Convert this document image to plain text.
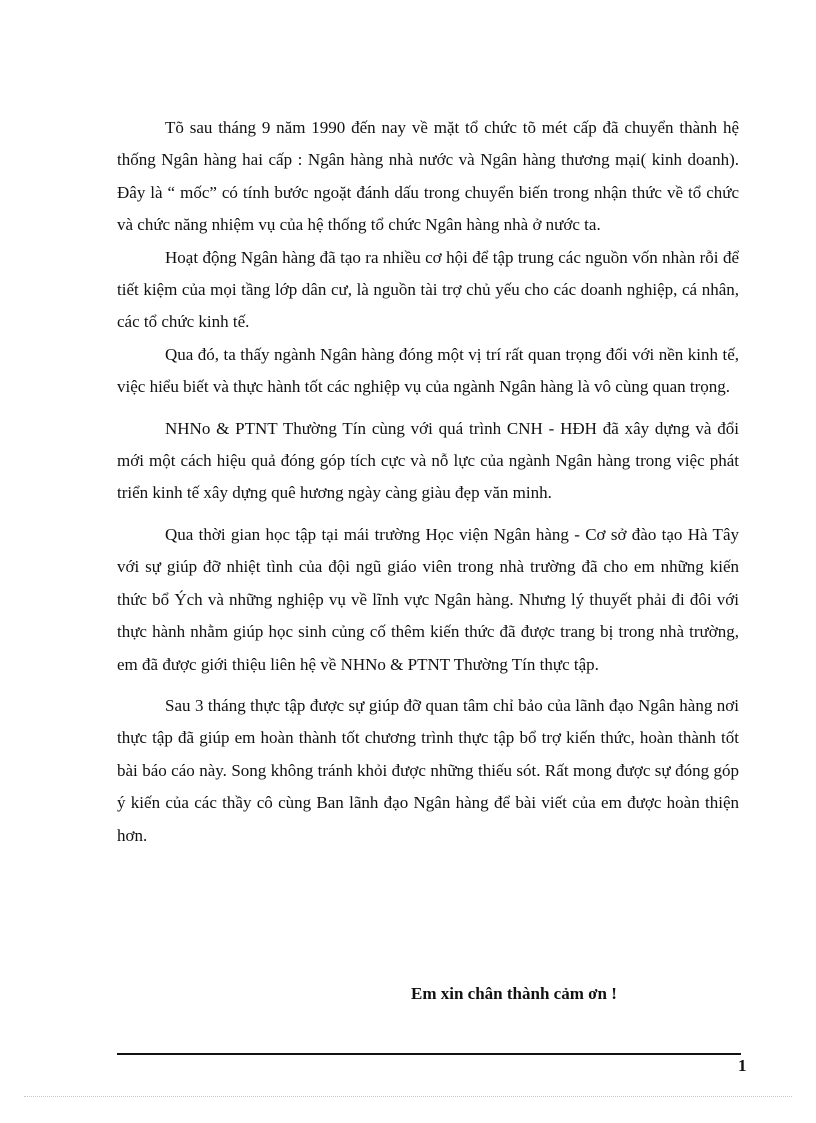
Tõ sau tháng 9 năm 1990 đến nay về mặt tổ chức tõ mét cấp đã chuyển thành hệ thống Ngân hàng hai cấp : Ngân hàng nhà nước và Ngân hàng thương mại( kinh doanh). Đây là “ mốc” có tính bước ngoặt đánh dấu trong chuyển biến trong nhận thức về tổ chức và chức năng nhiệm vụ của hệ thống tổ chức Ngân hàng nhà ở nước ta.

Hoạt động Ngân hàng đã tạo ra nhiều cơ hội để tập trung các nguồn vốn nhàn rỗi để tiết kiệm của mọi tầng lớp dân cư, là nguồn tài trợ chủ yếu cho các doanh nghiệp, cá nhân, các tổ chức kinh tế.

Qua đó, ta thấy ngành Ngân hàng đóng một vị trí rất quan trọng đối với nền kinh tế, việc hiểu biết và thực hành tốt các nghiệp vụ của ngành Ngân hàng là vô cùng quan trọng.

NHNo & PTNT Thường Tín cùng với quá trình CNH - HĐH đã xây dựng và đổi mới một cách hiệu quả đóng góp tích cực và nỗ lực của ngành Ngân hàng trong việc phát triển kinh tế xây dựng quê hương ngày càng giàu đẹp văn minh.

Qua thời gian học tập tại mái trường Học viện Ngân hàng - Cơ sở đào tạo Hà Tây với sự giúp đỡ nhiệt tình của đội ngũ giáo viên trong nhà trường đã cho em những kiến thức bổ Ých và những nghiệp vụ về lĩnh vực Ngân hàng. Nhưng lý thuyết phải đi đôi với thực hành nhằm giúp học sinh củng cố thêm kiến thức đã được trang bị trong nhà trường, em đã được giới thiệu liên hệ về NHNo & PTNT Thường Tín thực tập.

Sau 3 tháng thực tập được sự giúp đỡ quan tâm chỉ bảo của lãnh đạo Ngân hàng nơi thực tập đã giúp em hoàn thành tốt chương trình thực tập bổ trợ kiến thức, hoàn thành tốt bài báo cáo này. Song không tránh khỏi được những thiếu sót. Rất mong được sự đóng góp ý kiến của các thầy cô cùng Ban lãnh đạo Ngân hàng để bài viết của em được hoàn thiện hơn.

Em xin chân thành cảm ơn !
1
